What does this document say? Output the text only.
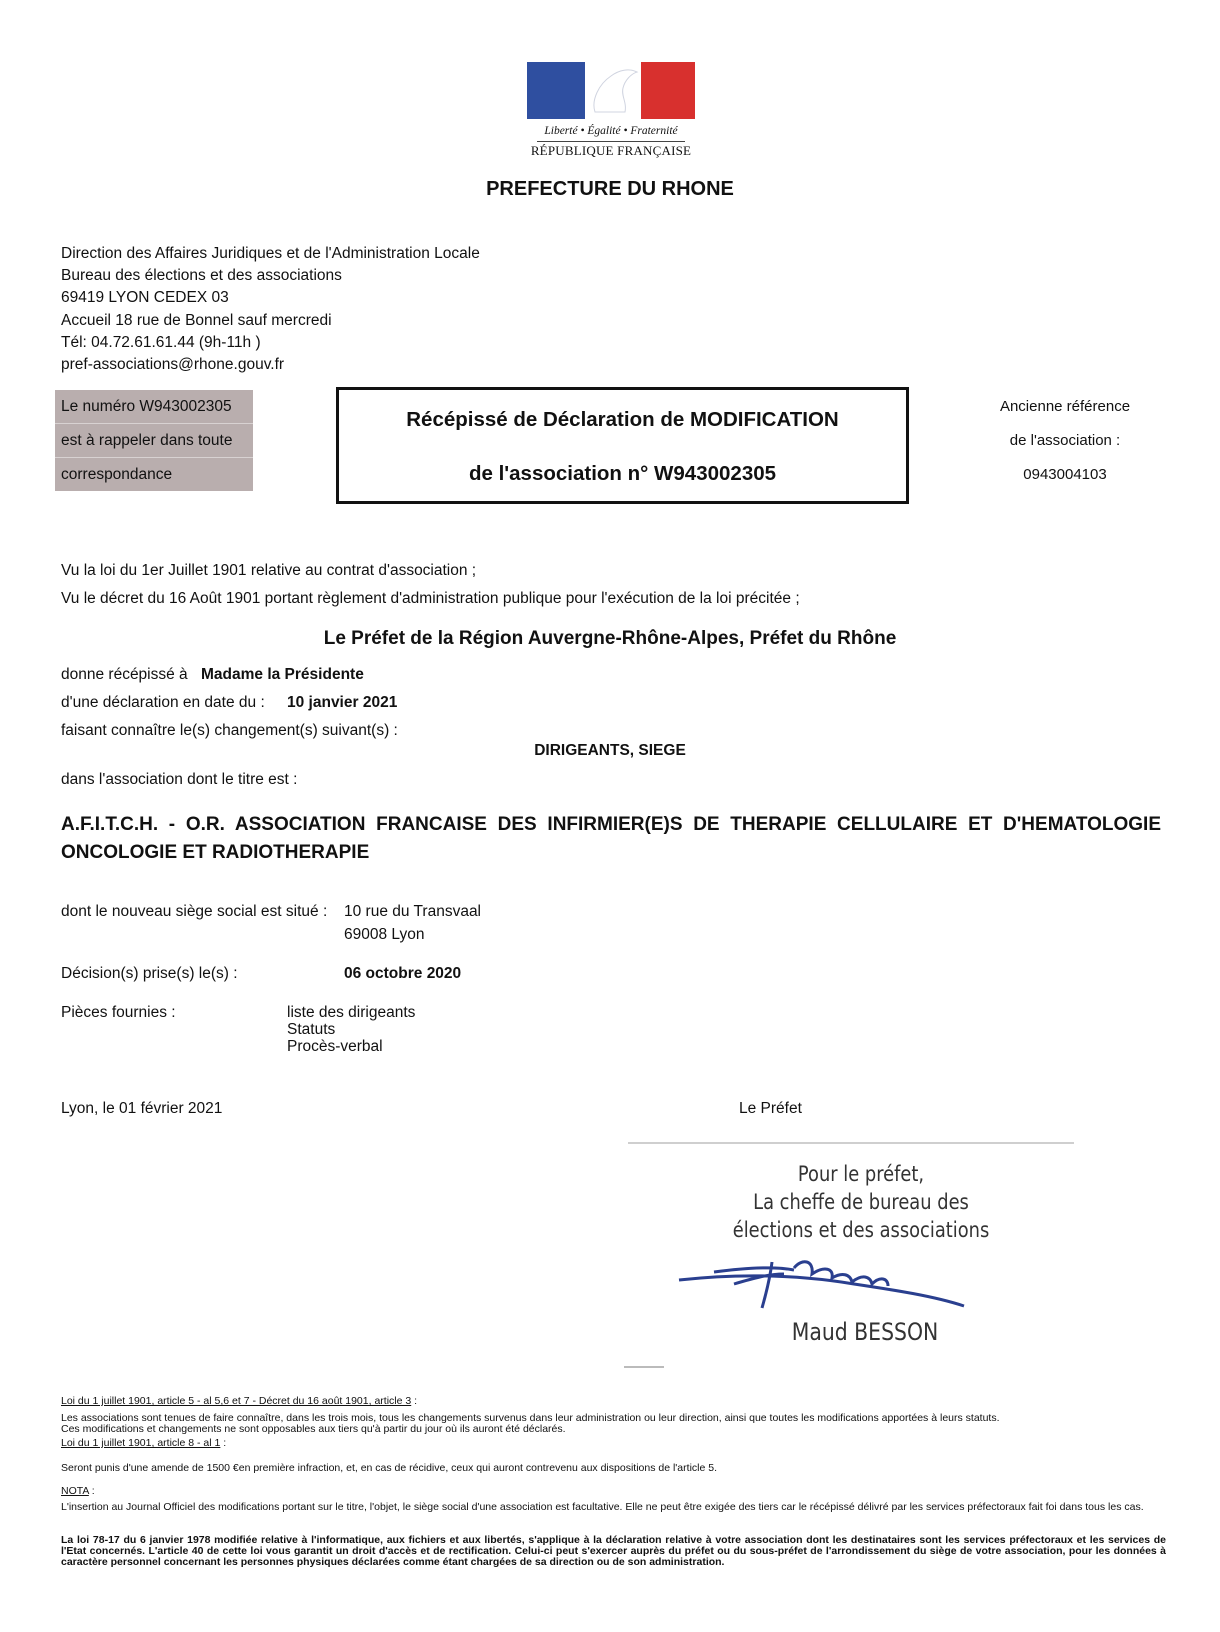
Liberté • Égalité • Fraternité
RÉPUBLIQUE FRANÇAISE
PREFECTURE DU RHONE
Direction des Affaires Juridiques et de l'Administration Locale
Bureau des élections et des associations
69419 LYON CEDEX 03
Accueil 18 rue de Bonnel sauf mercredi
Tél: 04.72.61.61.44 (9h-11h )
pref-associations@rhone.gouv.fr
Le numéro W943002305
est à rappeler dans toute
correspondance
Récépissé de Déclaration de MODIFICATION
de l'association n° W943002305
Ancienne référence
de l'association :
0943004103
Vu la loi du 1er Juillet 1901 relative au contrat d'association ;
Vu le décret du 16 Août 1901 portant règlement d'administration publique pour l'exécution de la loi précitée ;
Le Préfet de la Région Auvergne-Rhône-Alpes, Préfet du Rhône
donne récépissé à Madame la Présidente
d'une déclaration en date du : 10 janvier 2021
faisant connaître le(s) changement(s) suivant(s) :
DIRIGEANTS, SIEGE
dans l'association dont le titre est :
A.F.I.T.C.H. - O.R. ASSOCIATION FRANCAISE DES INFIRMIER(E)S DE THERAPIE CELLULAIRE ET D'HEMATOLOGIE ONCOLOGIE ET RADIOTHERAPIE
dont le nouveau siège social est situé : 10 rue du Transvaal
69008 Lyon
Décision(s) prise(s) le(s) :	06 octobre 2020
Pièces fournies :	liste des dirigeants
Statuts
Procès-verbal
Lyon, le 01 février 2021	Le Préfet
Pour le préfet,
La cheffe de bureau des
élections et des associations
Maud BESSON
Loi du 1 juillet 1901, article 5 - al 5,6 et 7 - Décret du 16 août 1901, article 3 :
Les associations sont tenues de faire connaître, dans les trois mois, tous les changements survenus dans leur administration ou leur direction, ainsi que toutes les modifications apportées à leurs statuts.
Ces modifications et changements ne sont opposables aux tiers qu'à partir du jour où ils auront été déclarés.
Loi du 1 juillet 1901, article 8 - al 1 :
Seront punis d'une amende de 1500 €en première infraction, et, en cas de récidive, ceux qui auront contrevenu aux dispositions de l'article 5.
NOTA :
L'insertion au Journal Officiel des modifications portant sur le titre, l'objet, le siège social d'une association est facultative. Elle ne peut être exigée des tiers car le récépissé délivré par les services préfectoraux fait foi dans tous les cas.
La loi 78-17 du 6 janvier 1978 modifiée relative à l'informatique, aux fichiers et aux libertés, s'applique à la déclaration relative à votre association dont les destinataires sont les services préfectoraux et les services de l'Etat concernés. L'article 40 de cette loi vous garantit un droit d'accès et de rectification. Celui-ci peut s'exercer auprès du préfet ou du sous-préfet de l'arrondissement du siège de votre association, pour les données à caractère personnel concernant les personnes physiques déclarées comme étant chargées de sa direction ou de son administration.
